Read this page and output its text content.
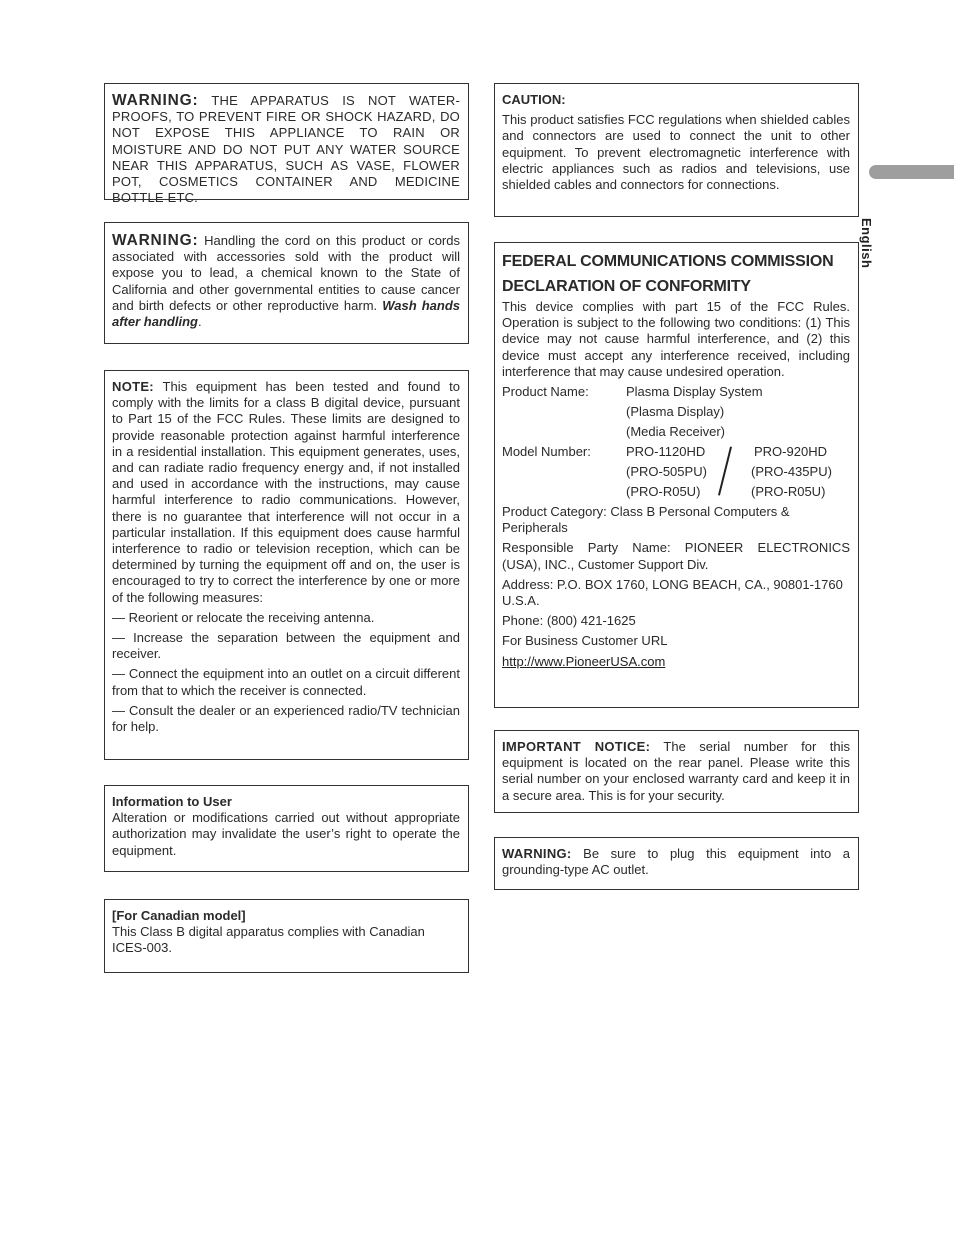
English

WARNING: THE APPARATUS IS NOT WATER-PROOFS, TO PREVENT FIRE OR SHOCK HAZARD, DO NOT EXPOSE THIS APPLIANCE TO RAIN OR MOISTURE AND DO NOT PUT ANY WATER SOURCE NEAR THIS APPARATUS, SUCH AS VASE, FLOWER POT, COSMETICS CONTAINER AND MEDICINE BOTTLE ETC.

WARNING: Handling the cord on this product or cords associated with accessories sold with the product will expose you to lead, a chemical known to the State of California and other governmental entities to cause cancer and birth defects or other reproductive harm. Wash hands after handling.

NOTE: This equipment has been tested and found to comply with the limits for a class B digital device, pursuant to Part 15 of the FCC Rules. These limits are designed to provide reasonable protection against harmful interference in a residential installation. This equipment generates, uses, and can radiate radio frequency energy and, if not installed and used in accordance with the instructions, may cause harmful interference to radio communications. However, there is no guarantee that interference will not occur in a particular installation. If this equipment does cause harmful interference to radio or television reception, which can be determined by turning the equipment off and on, the user is encouraged to try to correct the interference by one or more of the following measures:

— Reorient or relocate the receiving antenna.

— Increase the separation between the equipment and receiver.

— Connect the equipment into an outlet on a circuit different from that to which the receiver is connected.

— Consult the dealer or an experienced radio/TV technician for help.

Information to User

Alteration or modifications carried out without appropriate authorization may invalidate the user’s right to operate the equipment.

[For Canadian model]

This Class B digital apparatus complies with Canadian ICES-003.

CAUTION:

This product satisfies FCC regulations when shielded cables and connectors are used to connect the unit to other equipment. To prevent electromagnetic interference with electric appliances such as radios and televisions, use shielded cables and connectors for connections.

FEDERAL COMMUNICATIONS COMMISSION
DECLARATION OF CONFORMITY

This device complies with part 15 of the FCC Rules. Operation is subject to the following two conditions: (1) This device may not cause harmful interference, and (2) this device must accept any interference received, including interference that may cause undesired operation.

Product Name:	Plasma Display System
(Plasma Display)
(Media Receiver)
Model Number:	PRO-1120HD
(PRO-505PU)
(PRO-R05U)
PRO-920HD
(PRO-435PU)
(PRO-R05U)

Product Category: Class B Personal Computers & Peripherals

Responsible Party Name: PIONEER ELECTRONICS (USA), INC., Customer Support Div.

Address: P.O. BOX 1760, LONG BEACH, CA., 90801-1760 U.S.A.

Phone: (800) 421-1625

For Business Customer URL

http://www.PioneerUSA.com

IMPORTANT NOTICE: The serial number for this equipment is located on the rear panel. Please write this serial number on your enclosed warranty card and keep it in a secure area. This is for your security.

WARNING: Be sure to plug this equipment into a grounding-type AC outlet.
